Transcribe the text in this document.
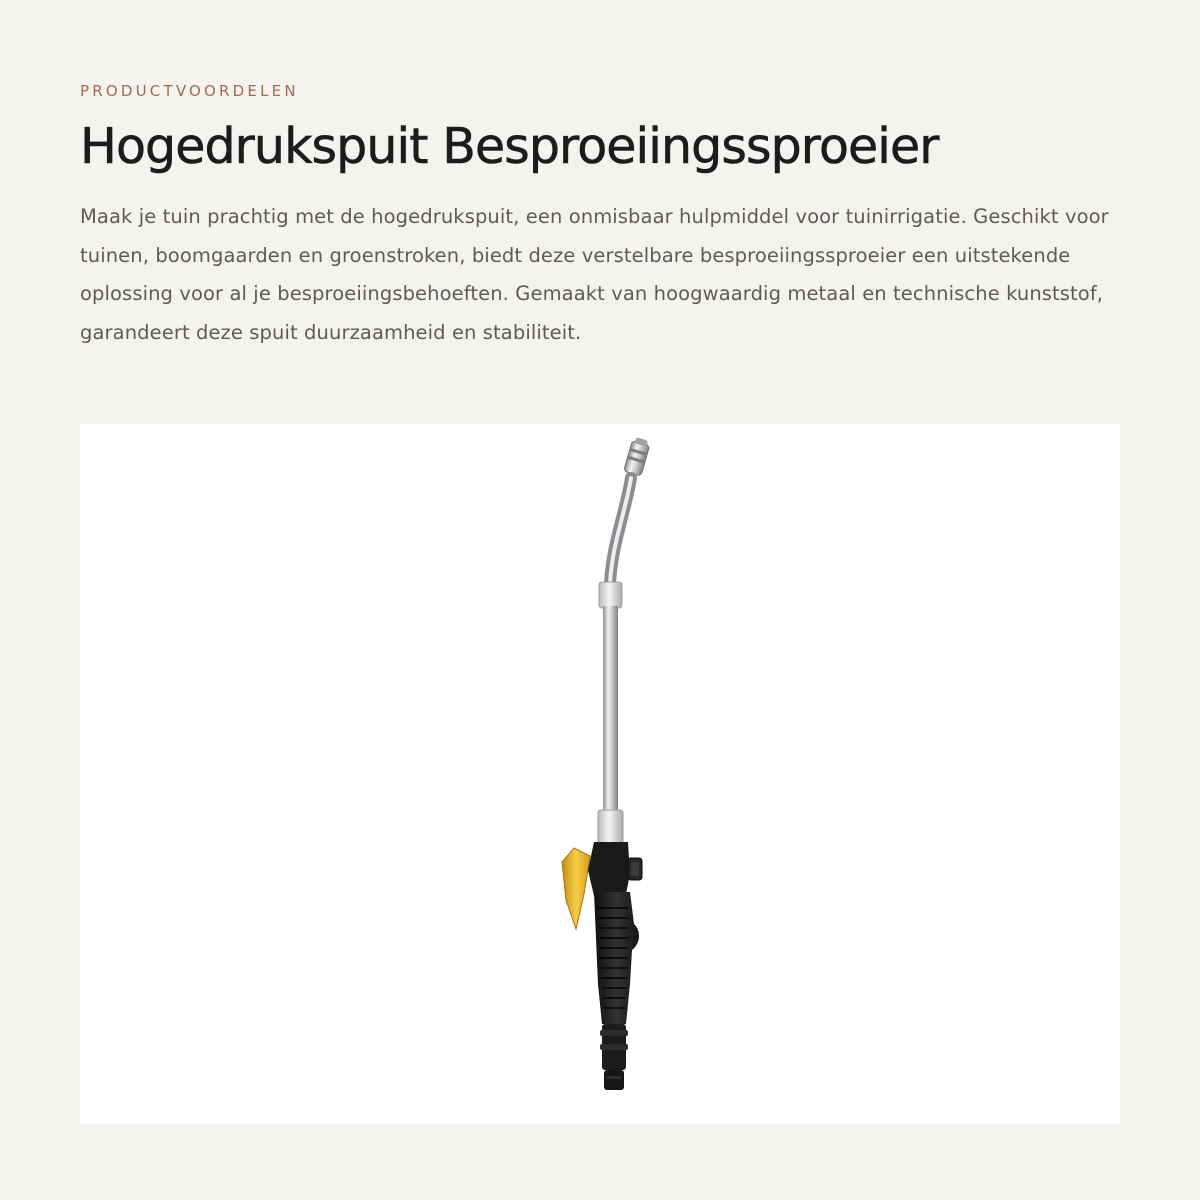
PRODUCTVOORDELEN

Hogedrukspuit Besproeiingssproeier

Maak je tuin prachtig met de hogedrukspuit, een onmisbaar hulpmiddel voor tuinirrigatie. Geschikt voor tuinen, boomgaarden en groenstroken, biedt deze verstelbare besproeiingssproeier een uitstekende oplossing voor al je besproeiingsbehoeften. Gemaakt van hoogwaardig metaal en technische kunststof, garandeert deze spuit duurzaamheid en stabiliteit.
